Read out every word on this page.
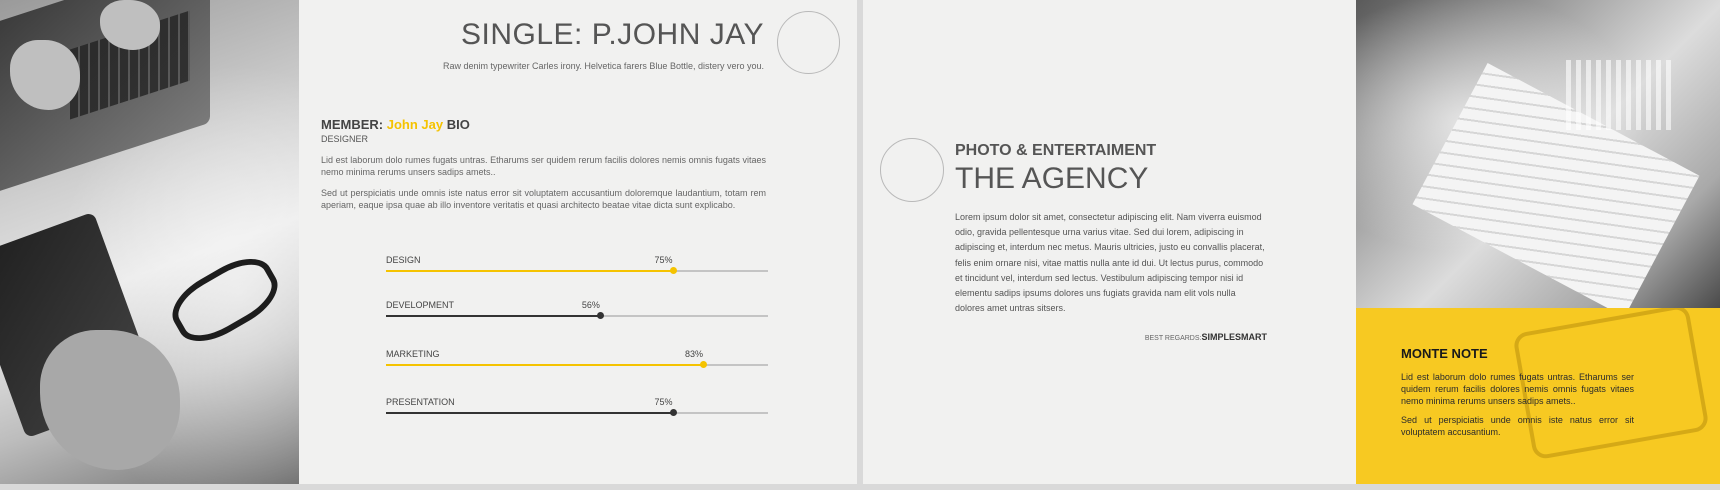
SINGLE: P.JOHN JAY
Raw denim typewriter Carles irony. Helvetica farers Blue Bottle, distery vero you.
MEMBER: John Jay BIO
DESIGNER
Lid est laborum dolo rumes fugats untras. Etharums ser quidem rerum facilis dolores nemis omnis fugats vitaes nemo minima rerums unsers sadips amets..
Sed ut perspiciatis unde omnis iste natus error sit voluptatem accusantium doloremque laudantium, totam rem aperiam, eaque ipsa quae ab illo inventore veritatis et quasi architecto beatae vitae dicta sunt explicabo.
DESIGN	75%
DEVELOPMENT	56%
MARKETING	83%
PRESENTATION	75%
PHOTO & ENTERTAIMENT
THE AGENCY
Lorem ipsum dolor sit amet, consectetur adipiscing elit. Nam viverra euismod odio, gravida pellentesque urna varius vitae. Sed dui lorem, adipiscing in adipiscing et, interdum nec metus. Mauris ultricies, justo eu convallis placerat, felis enim ornare nisi, vitae mattis nulla ante id dui. Ut lectus purus, commodo et tincidunt vel, interdum sed lectus. Vestibulum adipiscing tempor nisi id elementu sadips ipsums dolores uns fugiats gravida nam elit vols nulla dolores amet untras sitsers.
BEST REGARDS:SIMPLESMART
MONTE NOTE
Lid est laborum dolo rumes fugats untras. Etharums ser quidem rerum facilis dolores nemis omnis fugats vitaes nemo minima rerums unsers sadips amets..
Sed ut perspiciatis unde omnis iste natus error sit voluptatem accusantium.
